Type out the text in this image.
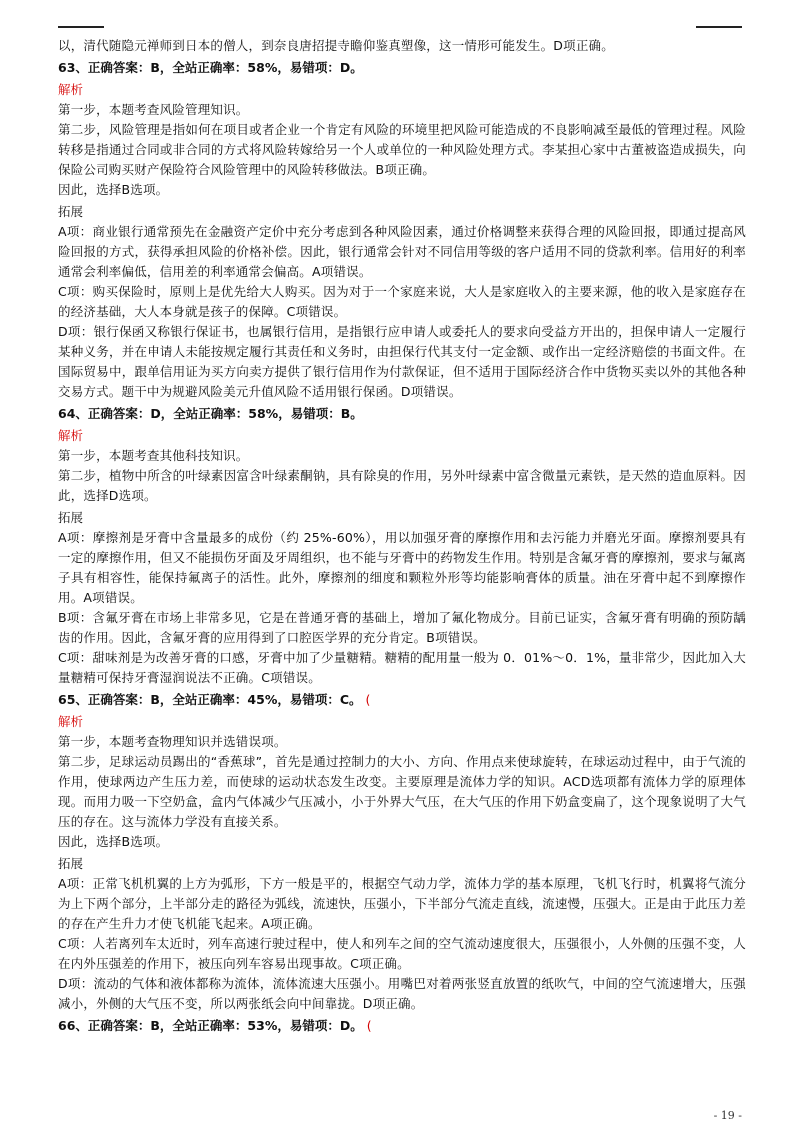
以，清代随隐元禅师到日本的僧人，到奈良唐招提寺瞻仰鉴真塑像，这一情形可能发生。D项正确。

63、正确答案：B，全站正确率：58%，易错项：D。

解析

第一步，本题考查风险管理知识。

第二步，风险管理是指如何在项目或者企业一个肯定有风险的环境里把风险可能造成的不良影响减至最低的管理过程。风险转移是指通过合同或非合同的方式将风险转嫁给另一个人或单位的一种风险处理方式。李某担心家中古董被盗造成损失，向保险公司购买财产保险符合风险管理中的风险转移做法。B项正确。

因此，选择B选项。

拓展

A项：商业银行通常预先在金融资产定价中充分考虑到各种风险因素，通过价格调整来获得合理的风险回报，即通过提高风险回报的方式，获得承担风险的价格补偿。因此，银行通常会针对不同信用等级的客户适用不同的贷款利率。信用好的利率通常会利率偏低，信用差的利率通常会偏高。A项错误。

C项：购买保险时，原则上是优先给大人购买。因为对于一个家庭来说，大人是家庭收入的主要来源，他的收入是家庭存在的经济基础，大人本身就是孩子的保障。C项错误。

D项：银行保函又称银行保证书，也属银行信用，是指银行应申请人或委托人的要求向受益方开出的，担保申请人一定履行某种义务，并在申请人未能按规定履行其责任和义务时，由担保行代其支付一定金额、或作出一定经济赔偿的书面文件。在国际贸易中，跟单信用证为买方向卖方提供了银行信用作为付款保证，但不适用于国际经济合作中货物买卖以外的其他各种交易方式。题干中为规避风险美元升值风险不适用银行保函。D项错误。

64、正确答案：D，全站正确率：58%，易错项：B。

解析

第一步，本题考查其他科技知识。

第二步，植物中所含的叶绿素因富含叶绿素酮钠，具有除臭的作用，另外叶绿素中富含微量元素铁，是天然的造血原料。因此，选择D选项。

拓展

A项：摩擦剂是牙膏中含量最多的成份（约 25%-60%），用以加强牙膏的摩擦作用和去污能力并磨光牙面。摩擦剂要具有一定的摩擦作用，但又不能损伤牙面及牙周组织，也不能与牙膏中的药物发生作用。特别是含氟牙膏的摩擦剂，要求与氟离子具有相容性，能保持氟离子的活性。此外，摩擦剂的细度和颗粒外形等均能影响膏体的质量。油在牙膏中起不到摩擦作用。A项错误。

B项：含氟牙膏在市场上非常多见，它是在普通牙膏的基础上，增加了氟化物成分。目前已证实，含氟牙膏有明确的预防龋齿的作用。因此，含氟牙膏的应用得到了口腔医学界的充分肯定。B项错误。

C项：甜味剂是为改善牙膏的口感，牙膏中加了少量糖精。糖精的配用量一般为 0．01%～0．1%，量非常少，因此加入大量糖精可保持牙膏湿润说法不正确。C项错误。

65、正确答案：B，全站正确率：45%，易错项：C。 (

解析

第一步，本题考查物理知识并选错误项。

第二步，足球运动员踢出的“香蕉球”，首先是通过控制力的大小、方向、作用点来使球旋转，在球运动过程中，由于气流的作用，使球两边产生压力差，而使球的运动状态发生改变。主要原理是流体力学的知识。ACD选项都有流体力学的原理体现。而用力吸一下空奶盒，盒内气体减少气压减小，小于外界大气压，在大气压的作用下奶盒变扁了，这个现象说明了大气压的存在。这与流体力学没有直接关系。

因此，选择B选项。

拓展

A项：正常飞机机翼的上方为弧形，下方一般是平的，根据空气动力学，流体力学的基本原理，飞机飞行时，机翼将气流分为上下两个部分，上半部分走的路径为弧线，流速快，压强小，下半部分气流走直线，流速慢，压强大。正是由于此压力差的存在产生升力才使飞机能飞起来。A项正确。

C项：人若离列车太近时，列车高速行驶过程中，使人和列车之间的空气流动速度很大，压强很小，人外侧的压强不变，人在内外压强差的作用下，被压向列车容易出现事故。C项正确。

D项：流动的气体和液体都称为流体，流体流速大压强小。用嘴巴对着两张竖直放置的纸吹气，中间的空气流速增大，压强减小，外侧的大气压不变，所以两张纸会向中间靠拢。D项正确。

66、正确答案：B，全站正确率：53%，易错项：D。 (

- 19 -
